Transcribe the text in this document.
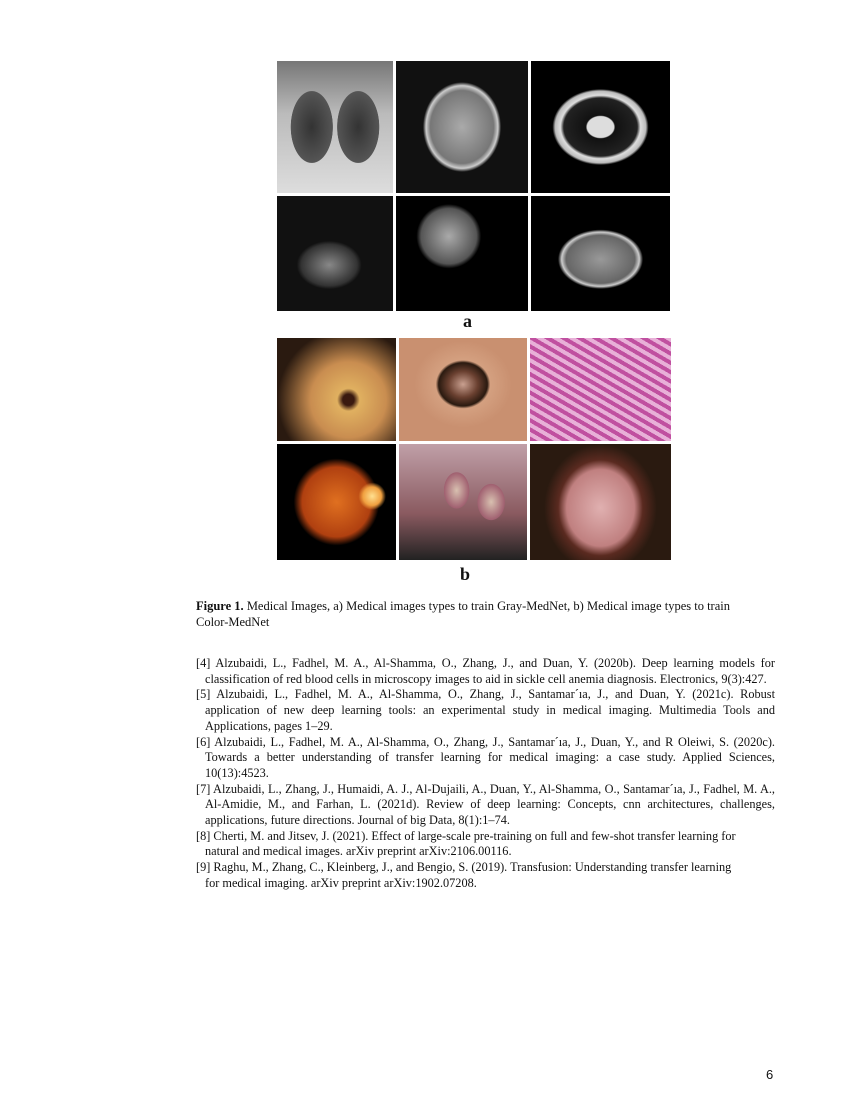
a
b
Figure 1. Medical Images, a) Medical images types to train Gray-MedNet, b) Medical image types to train Color-MedNet
[4] Alzubaidi, L., Fadhel, M. A., Al-Shamma, O., Zhang, J., and Duan, Y. (2020b). Deep learning models for classification of red blood cells in microscopy images to aid in sickle cell anemia diagnosis. Electronics, 9(3):427.
[5] Alzubaidi, L., Fadhel, M. A., Al-Shamma, O., Zhang, J., Santamar´ıa, J., and Duan, Y. (2021c). Robust application of new deep learning tools: an experimental study in medical imaging. Multimedia Tools and Applications, pages 1–29.
[6] Alzubaidi, L., Fadhel, M. A., Al-Shamma, O., Zhang, J., Santamar´ıa, J., Duan, Y., and R Oleiwi, S. (2020c). Towards a better understanding of transfer learning for medical imaging: a case study. Applied Sciences, 10(13):4523.
[7] Alzubaidi, L., Zhang, J., Humaidi, A. J., Al-Dujaili, A., Duan, Y., Al-Shamma, O., Santamar´ıa, J., Fadhel, M. A., Al-Amidie, M., and Farhan, L. (2021d). Review of deep learning: Concepts, cnn architectures, challenges, applications, future directions. Journal of big Data, 8(1):1–74.
[8] Cherti, M. and Jitsev, J. (2021). Effect of large-scale pre-training on full and few-shot transfer learning for natural and medical images. arXiv preprint arXiv:2106.00116.
[9] Raghu, M., Zhang, C., Kleinberg, J., and Bengio, S. (2019). Transfusion: Understanding transfer learning for medical imaging. arXiv preprint arXiv:1902.07208.
6
